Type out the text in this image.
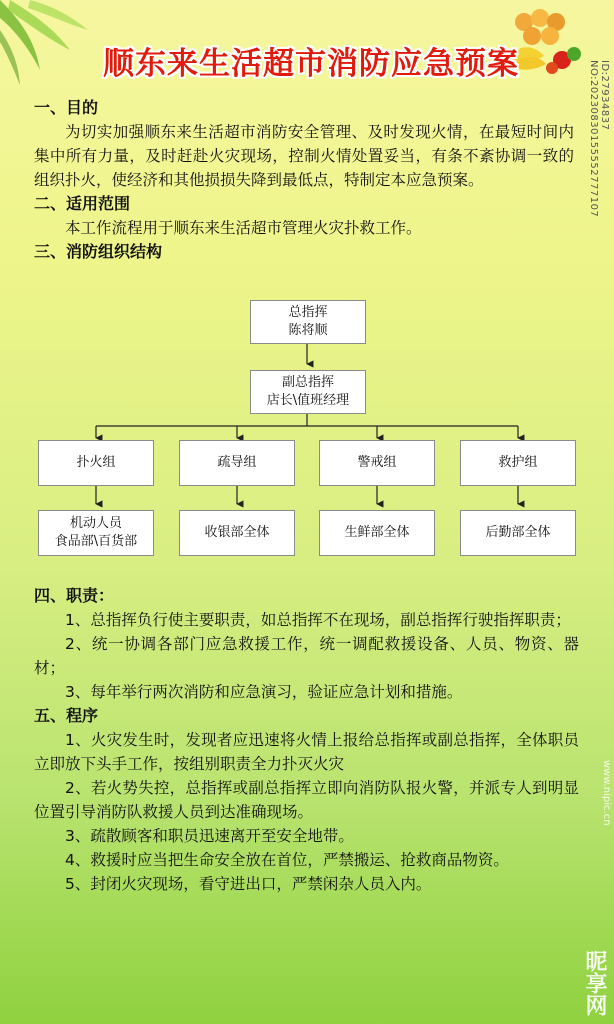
顺东来生活超市消防应急预案	ID:27934837 NO:20230830155552777107
www.nipic.cn
昵享网

一、目的

为切实加强顺东来生活超市消防安全管理、及时发现火情，在最短时间内集中所有力量，及时赶赴火灾现场，控制火情处置妥当，有条不紊协调一致的组织扑火，使经济和其他损损失降到最低点，特制定本应急预案。

二、适用范围

本工作流程用于顺东来生活超市管理火灾扑救工作。

三、消防组织结构

总指挥
陈将顺
副总指挥
店长\值班经理
扑火组	疏导组	警戒组	救护组
机动人员
食品部\百货部
收银部全体	生鲜部全体	后勤部全体

四、职责：

1、总指挥负行使主要职责，如总指挥不在现场，副总指挥行驶指挥职责；

2、统一协调各部门应急救援工作，统一调配救援设备、人员、物资、器材；

3、每年举行两次消防和应急演习，验证应急计划和措施。

五、程序

1、火灾发生时，发现者应迅速将火情上报给总指挥或副总指挥，全体职员立即放下头手工作，按组别职责全力扑灭火灾

2、若火势失控，总指挥或副总指挥立即向消防队报火警，并派专人到明显位置引导消防队救援人员到达准确现场。

3、疏散顾客和职员迅速离开至安全地带。

4、救援时应当把生命安全放在首位，严禁搬运、抢救商品物资。

5、封闭火灾现场，看守进出口，严禁闲杂人员入内。
